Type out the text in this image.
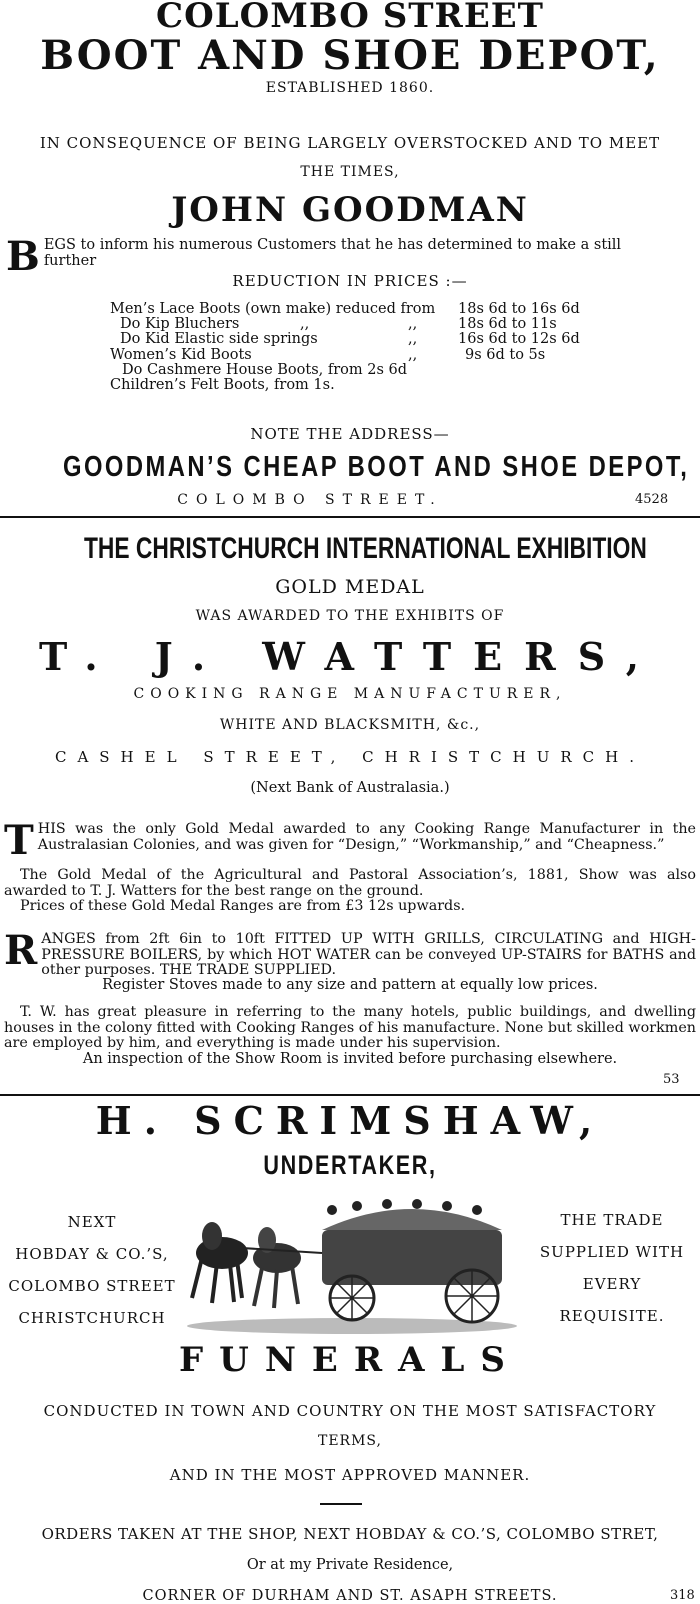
COLOMBO STREET
BOOT AND SHOE DEPOT,
ESTABLISHED 1860.
IN CONSEQUENCE OF BEING LARGELY OVERSTOCKED AND TO MEET
THE TIMES,
JOHN GOODMAN
B EGS to inform his numerous Customers that he has determined to make a still
further
REDUCTION IN PRICES :—
Men’s Lace Boots (own make) reduced from 18s 6d to 16s 6d
Do Kip Bluchers	,,	,,	18s 6d to 11s
Do Kid Elastic side springs	,,	16s 6d to 12s 6d
Women’s Kid Boots	,,	9s 6d to 5s
Do Cashmere House Boots, from 2s 6d
Children’s Felt Boots, from 1s.
NOTE THE ADDRESS—
GOODMAN’S CHEAP BOOT AND SHOE DEPOT,
COLOMBO STREET.	4528
THE CHRISTCHURCH INTERNATIONAL EXHIBITION
GOLD MEDAL
WAS AWARDED TO THE EXHIBITS OF
T. J. WATTERS,
COOKING RANGE MANUFACTURER,
WHITE AND BLACKSMITH, &c.,
CASHEL STREET, CHRISTCHURCH.
(Next Bank of Australasia.)
THIS was the only Gold Medal awarded to any Cooking Range Manufacturer in the Australasian Colonies, and was given for “Design,” “Workmanship,” and “Cheapness.”
The Gold Medal of the Agricultural and Pastoral Association’s, 1881, Show was also awarded to T. J. Watters for the best range on the ground.
Prices of these Gold Medal Ranges are from £3 12s upwards.
RANGES from 2ft 6in to 10ft FITTED UP WITH GRILLS, CIRCULATING and HIGH-PRESSURE BOILERS, by which HOT WATER can be conveyed UP-STAIRS for BATHS and other purposes. THE TRADE SUPPLIED.
Register Stoves made to any size and pattern at equally low prices.
T. W. has great pleasure in referring to the many hotels, public buildings, and dwelling houses in the colony fitted with Cooking Ranges of his manufacture. None but skilled workmen are employed by him, and everything is made under his supervision.
An inspection of the Show Room is invited before purchasing elsewhere.
53
H. SCRIMSHAW,
UNDERTAKER,
NEXT
HOBDAY & CO.’S,
COLOMBO STREET
CHRISTCHURCH
THE TRADE
SUPPLIED WITH
EVERY
REQUISITE.
FUNERALS
CONDUCTED IN TOWN AND COUNTRY ON THE MOST SATISFACTORY
TERMS,
AND IN THE MOST APPROVED MANNER.
ORDERS TAKEN AT THE SHOP, NEXT HOBDAY & CO.’S, COLOMBO STRET,
Or at my Private Residence,
CORNER OF DURHAM AND ST. ASAPH STREETS.	318
